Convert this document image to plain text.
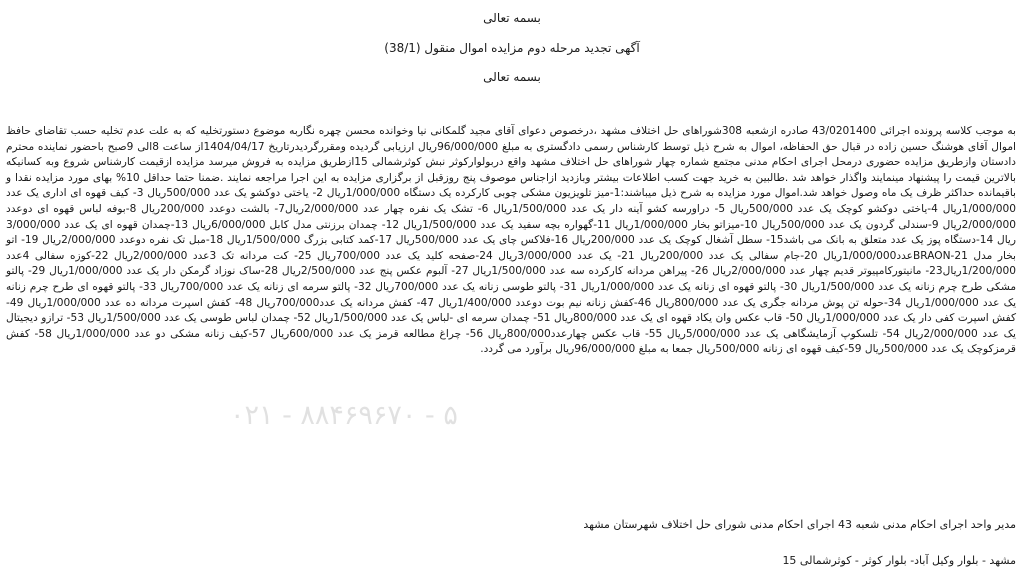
بسمه تعالی
آگهی تجدید مرحله دوم مزایده اموال منقول (38/1)
بسمه تعالی
۰۲۱ - ۸۸۴۶۹۶۷۰ - ۵
به موجب کلاسه پرونده اجرائی 43/0201400 صادره ازشعبه 308شوراهای حل اختلاف مشهد ،درخصوص دعوای آقای مجید گلمکانی نیا وخوانده محسن چهره نگاربه موضوع دستورتخلیه که به علت عدم تخلیه حسب تقاضای حافظ اموال آقای هوشنگ حسین زاده در قبال حق الحفاظه، اموال به شرح ذیل توسط کارشناس رسمی دادگستری به مبلغ 96/000/000ریال ارزیابی گردیده ومقررگردیدرتاریخ 1404/04/17از ساعت 8الی 9صبح باحضور نماینده محترم دادستان وازطریق مزایده حضوری درمحل اجرای احکام مدنی مجتمع شماره چهار شوراهای حل اختلاف مشهد واقع دربولوارکوثر نبش کوثرشمالی 15ازطریق مزایده به فروش میرسد مزایده ازقیمت کارشناس شروع وبه کسانیکه بالاترین قیمت را پیشنهاد مینمایند واگذار خواهد شد .طالبین به خرید جهت کسب اطلاعات بیشتر وبازدید ازاجناس موصوف پنج روزقبل از برگزاری مزایده به این اجرا مراجعه نمایند .ضمنا حتما حداقل 10% بهای مورد مزایده نقدا و باقیمانده حداکثر ظرف یک ماه وصول خواهد شد.اموال مورد مزایده به شرح ذیل میباشند:1-میز تلویزیون مشکی چوبی کارکرده یک دستگاه 1/000/000ریال 2- یاختی دوکشو یک عدد 500/000ریال 3- کیف قهوه ای اداری یک عدد 1/000/000ریال 4-یاختی دوکشو کوچک یک عدد 500/000ریال 5- دراورسه کشو آینه دار یک عدد 1/500/000ریال 6- تشک یک نفره چهار عدد 2/000/000ریال7- بالشت دوعدد 200/000ریال 8-بوفه لباس قهوه ای دوعدد 2/000/000ریال 9-سندلی گردون یک عدد 500/000ریال 10-میزاتو بخار 1/000/000ریال 11-گهواره بچه سفید یک عدد 1/500/000ریال 12- چمدان برزنتی مدل کابل 6/000/000ریال 13-چمدان قهوه ای یک عدد 3/000/000 ریال 14-دستگاه پوز یک عدد متعلق به بانک می باشد15- سطل آشغال کوچک یک عدد 200/000ریال 16-فلاکس چای یک عدد 500/000ریال 17-کمد کتابی بزرگ 1/500/000ریال 18-مبل تک نفره دوعدد 2/000/000ریال 19- اتو بخار مدل BRAON-21عدد1/000/000ریال 20-جام سفالی یک عدد 200/000ریال 21- یک عدد 3/000/000ریال 24-صفحه کلید یک عدد 700/000ریال 25- کت مردانه تک 3عدد 2/000/000ریال 22-کوزه سفالی 4عدد 1/200/000ریال23- مانیتورکامپیوتر قدیم چهار عدد 2/000/000ریال 26- پیراهن مردانه کارکرده سه عدد 1/500/000ریال 27- آلبوم عکس پنج عدد 2/500/000ریال 28-ساک نوزاد گرمکن دار یک عدد 1/000/000ریال 29- پالتو مشکی طرح چرم زنانه یک عدد 1/500/000ریال 30- پالتو قهوه ای زنانه یک عدد 1/000/000ریال 31- پالتو طوسی زنانه یک عدد 700/000ریال 32- پالتو سرمه ای زنانه یک عدد 700/000ریال 33- پالتو قهوه ای طرح چرم زنانه یک عدد 1/000/000ریال 34-حوله تن پوش مردانه جگری یک عدد 800/000ریال 46-کفش زنانه نیم بوت دوعدد 1/400/000ریال 47- کفش مردانه یک عدد700/000ریال 48- کفش اسپرت مردانه ده عدد 1/000/000ریال 49- کفش اسپرت کفی دار یک عدد 1/000/000ریال 50- قاب عکس وان یکاد قهوه ای یک عدد 800/000ریال 51- چمدان سرمه ای -لباس یک عدد 1/500/000ریال 52- چمدان لباس طوسی یک عدد 1/500/000ریال 53- ترازو دیجیتال یک عدد 2/000/000ریال 54- تلسکوپ آزمایشگاهی یک عدد 5/000/000ریال 55- قاب عکس چهارعدد800/000ریال 56- چراغ مطالعه قرمز یک عدد 600/000ریال 57-کیف زنانه مشکی دو عدد 1/000/000ریال 58- کفش قرمزکوچک یک عدد 500/000ریال 59-کیف قهوه ای زنانه 500/000ریال جمعا به مبلغ 96/000/000ریال برآورد می گردد.
مدیر واحد اجرای احکام مدنی شعبه 43 اجرای احکام مدنی شورای حل اختلاف شهرستان مشهد
مشهد - بلوار وکیل آباد- بلوار کوثر - کوثرشمالی 15
